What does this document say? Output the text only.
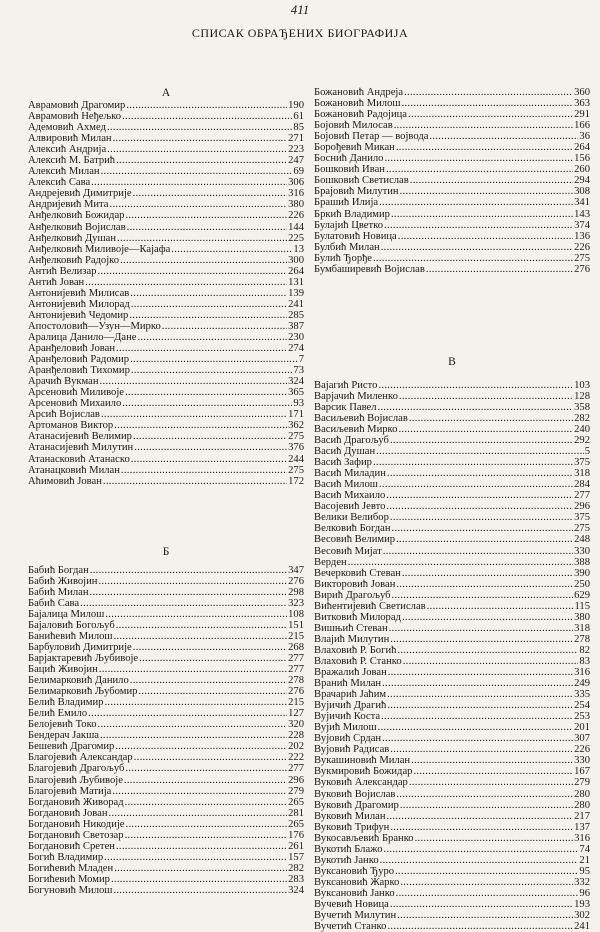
411
СПИСАК ОБРАЂЕНИХ БИОГРАФИЈА
А
Аврамовић Драгомир .....	190
Аврамовић Неђељко .....	61
Адемовић Ахмед .....	85
Алвировић Милан .....	271
Алексић Андрија .....	223
Алексић М. Батрић .....	247
Алексић Милан .....	69
Алексић Сава .....	306
Андрејевић Димитрије .....	316
Андријевић Мита .....	380
Анђелковић Божидар .....	226
Анђелковић Војислав .....	144
Анђелковић Душан .....	225
Анђелковић Миливоје—Кајафа .....	13
Анђелковић Радојко .....	300
Антић Велизар .....	264
Антић Јован .....	131
Антонијевић Милисав .....	139
Антонијевић Милорад .....	241
Антонијевић Чедомир .....	285
Апостоловић—Узун—Мирко .....	387
Аралица Данило—Дане .....	230
Аранђеловић Јован .....	274
Аранђеловић Радомир .....	7
Аранђеловић Тихомир .....	73
Арачић Вукман .....	324
Арсеновић Миливоје .....	365
Арсеновић Михаило .....	93
Арсић Војислав .....	171
Артоманов Виктор .....	362
Атанасијевић Велимир .....	275
Атанасијевић Милутин .....	376
Атанасковић Атанаско .....	244
Атанацковић Милан .....	275
Аћимовић Јован .....	172
Б
Бабић Богдан .....	347
Бабић Живојин .....	276
Бабић Милан .....	298
Бабић Сава .....	323
Бајалица Милош .....	108
Бајаловић Богољуб .....	151
Банићевић Милош .....	215
Барбуловић Димитрије .....	268
Барјактаревић Љубивоје .....	277
Бацић Живојин .....	277
Белимарковић Данило .....	278
Белимарковић Љубомир .....	276
Белић Владимир .....	215
Белић Емило .....	127
Белојевић Токо .....	320
Бендерач Јакша .....	228
Бешевић Драгомир .....	202
Благојевић Александар .....	222
Благојевић Драгољуб .....	277
Благојевић Љубивоје .....	296
Благојевић Матија .....	279
Богдановић Живорад .....	265
Богдановић Јован .....	281
Богдановић Никодије .....	265
Богдановић Светозар .....	176
Богдановић Сретен .....	261
Богић Владимир .....	157
Богићевић Младен .....	282
Богићевић Момир .....	283
Богуновић Милош .....	324
Божановић Андреја .....	360
Божановић Милош .....	363
Божановић Радојица .....	291
Бојовић Милосав .....	166
Бојовић Петар — војвода .....	36
Борођевић Микан .....	264
Боснић Данило .....	156
Бошковић Иван .....	260
Бошковић Светислав .....	294
Брајовић Милутин .....	308
Брашић Илија .....	341
Бркић Владимир .....	143
Булајић Цветко .....	374
Булатовић Новица .....	136
Булбић Милан .....	226
Булић Ђорђе .....	275
Бумбаширевић Војислав .....	276
В
Вајагић Ристо .....	103
Варјачић Миленко .....	128
Варсик Павел .....	358
Васиљевић Војислав .....	282
Васиљевић Мирко .....	240
Васић Драгољуб .....	292
Васић Душан .....	5
Васић Зафир .....	375
Васић Миладин .....	318
Васић Милош .....	284
Васић Михаило .....	277
Васојевић Јевто .....	296
Велики Велибор .....	375
Велковић Богдан .....	275
Весовић Велимир .....	248
Весовић Мијат .....	330
Верден .....	388
Вечерковић Стеван .....	390
Викторовић Јован .....	250
Вирић Драгољуб .....	629
Вићентијевић Светислав .....	115
Витковић Милорад .....	380
Вишњић Стеван .....	318
Влајић Милутин .....	278
Влаховић Р. Богић .....	82
Влаховић Р. Станко .....	83
Вражалић Јован .....	316
Вранић Милан .....	249
Врачарић Јаћим .....	335
Вујичић Драгић .....	254
Вујичић Коста .....	253
Вујић Милош .....	201
Вујовић Срдан .....	307
Вујовић Радисав .....	226
Вукашиновић Милан .....	330
Вукмировић Божидар .....	167
Вуковић Александар .....	279
Вуковић Војислав .....	280
Вуковић Драгомир .....	280
Вуковић Милан .....	217
Вуковић Трифун .....	137
Вукосављевић Бранко .....	316
Вукотић Блажо .....	74
Вукотић Јанко .....	21
Вуксановић Ђуро .....	95
Вуксановић Жарко .....	332
Вуксановић Јанко .....	96
Вучевић Новица .....	193
Вучетић Милутин .....	302
Вучетић Станко .....	241
